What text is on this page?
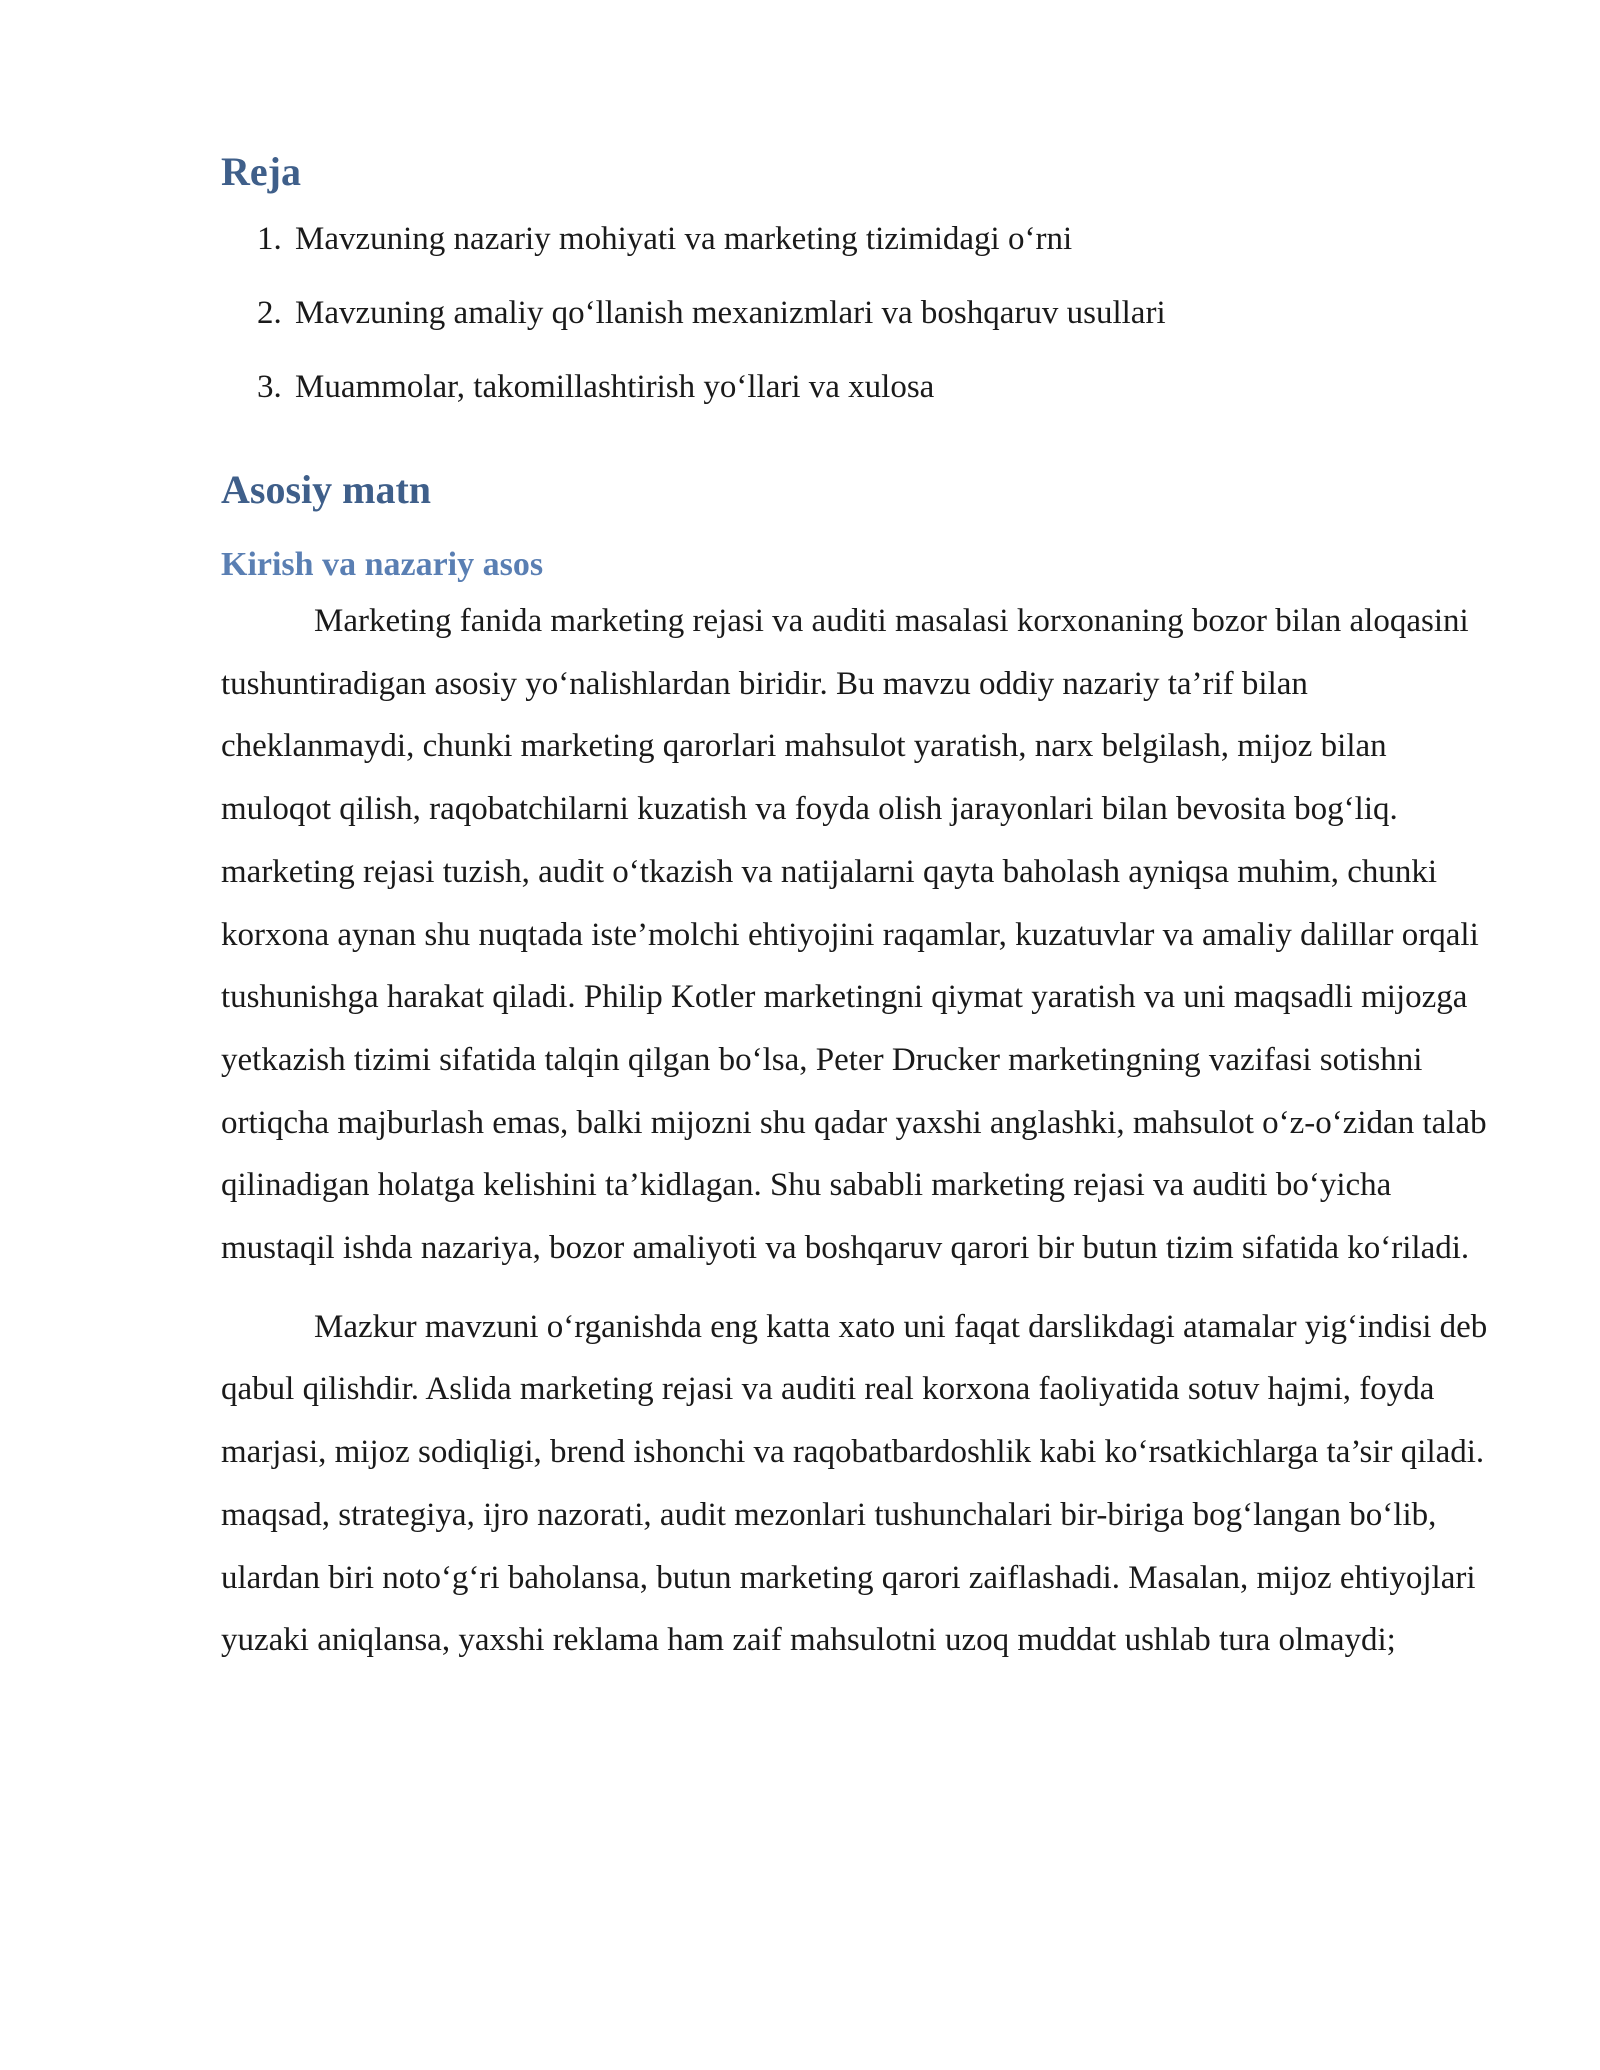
Reja
1. Mavzuning nazariy mohiyati va marketing tizimidagi o‘rni
2. Mavzuning amaliy qo‘llanish mexanizmlari va boshqaruv usullari
3. Muammolar, takomillashtirish yo‘llari va xulosa
Asosiy matn
Kirish va nazariy asos

Marketing fanida marketing rejasi va auditi masalasi korxonaning bozor bilan aloqasini tushuntiradigan asosiy yo‘nalishlardan biridir. Bu mavzu oddiy nazariy ta’rif bilan cheklanmaydi, chunki marketing qarorlari mahsulot yaratish, narx belgilash, mijoz bilan muloqot qilish, raqobatchilarni kuzatish va foyda olish jarayonlari bilan bevosita bog‘liq. marketing rejasi tuzish, audit o‘tkazish va natijalarni qayta baholash ayniqsa muhim, chunki korxona aynan shu nuqtada iste’molchi ehtiyojini raqamlar, kuzatuvlar va amaliy dalillar orqali tushunishga harakat qiladi. Philip Kotler marketingni qiymat yaratish va uni maqsadli mijozga yetkazish tizimi sifatida talqin qilgan bo‘lsa, Peter Drucker marketingning vazifasi sotishni ortiqcha majburlash emas, balki mijozni shu qadar yaxshi anglashki, mahsulot o‘z-o‘zidan talab qilinadigan holatga kelishini ta’kidlagan. Shu sababli marketing rejasi va auditi bo‘yicha mustaqil ishda nazariya, bozor amaliyoti va boshqaruv qarori bir butun tizim sifatida ko‘riladi.

Mazkur mavzuni o‘rganishda eng katta xato uni faqat darslikdagi atamalar yig‘indisi deb qabul qilishdir. Aslida marketing rejasi va auditi real korxona faoliyatida sotuv hajmi, foyda marjasi, mijoz sodiqligi, brend ishonchi va raqobatbardoshlik kabi ko‘rsatkichlarga ta’sir qiladi. maqsad, strategiya, ijro nazorati, audit mezonlari tushunchalari bir-biriga bog‘langan bo‘lib, ulardan biri noto‘g‘ri baholansa, butun marketing qarori zaiflashadi. Masalan, mijoz ehtiyojlari yuzaki aniqlansa, yaxshi reklama ham zaif mahsulotni uzoq muddat ushlab tura olmaydi;
